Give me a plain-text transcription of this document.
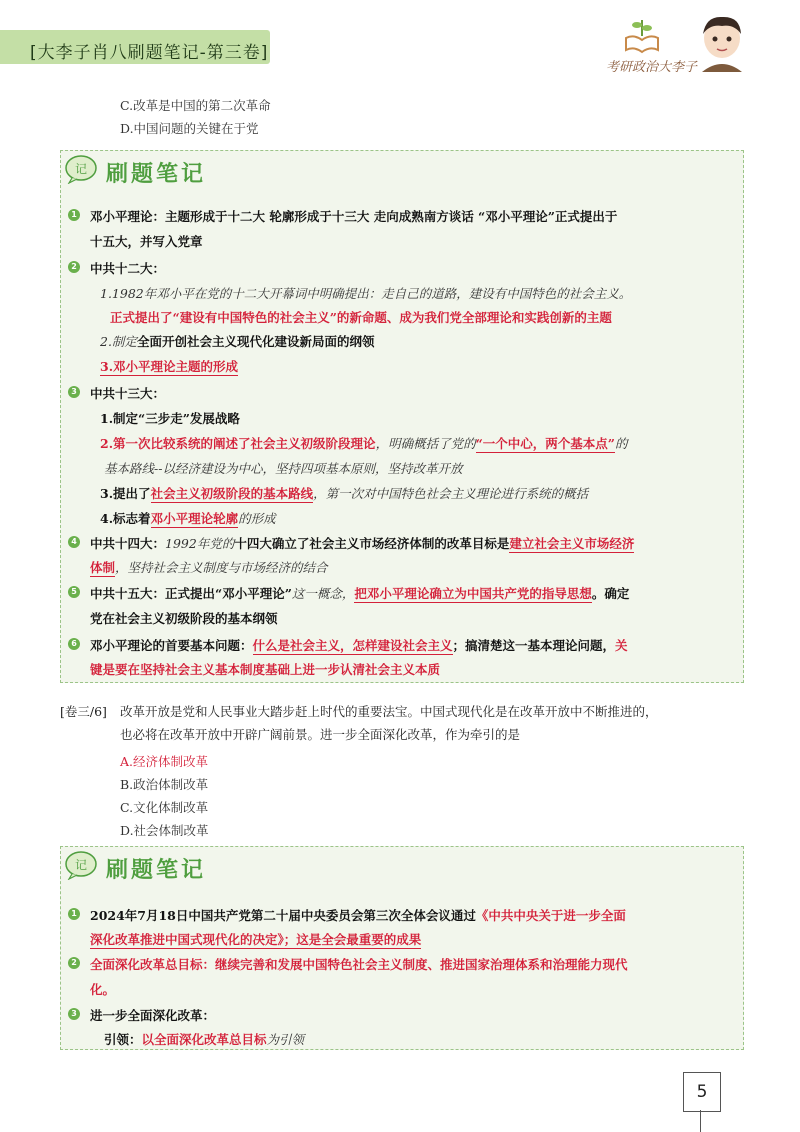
[大李子肖八刷题笔记-第三卷]
考研政治大李子
C.改革是中国的第二次革命
D.中国问题的关键在于党
记 刷题笔记
1 邓小平理论：主题形成于十二大 轮廓形成于十三大 走向成熟南方谈话 “邓小平理论”正式提出于
十五大，并写入党章
2 中共十二大：
1.1982年邓小平在党的十二大开幕词中明确提出：走自己的道路，建设有中国特色的社会主义。
正式提出了“建设有中国特色的社会主义”的新命题、成为我们党全部理论和实践创新的主题
2.制定全面开创社会主义现代化建设新局面的纲领
3.邓小平理论主题的形成
3 中共十三大：
1.制定“三步走”发展战略
2.第一次比较系统的阐述了社会主义初级阶段理论，明确概括了党的“一个中心，两个基本点”的
基本路线--以经济建设为中心，坚持四项基本原则，坚持改革开放
3.提出了社会主义初级阶段的基本路线，第一次对中国特色社会主义理论进行系统的概括
4.标志着邓小平理论轮廓的形成
4 中共十四大：1992年党的十四大确立了社会主义市场经济体制的改革目标是建立社会主义市场经济
体制，坚持社会主义制度与市场经济的结合
5 中共十五大：正式提出“邓小平理论”这一概念，把邓小平理论确立为中国共产党的指导思想。确定
党在社会主义初级阶段的基本纲领
6 邓小平理论的首要基本问题：什么是社会主义，怎样建设社会主义；搞清楚这一基本理论问题，关
键是要在坚持社会主义基本制度基础上进一步认清社会主义本质
[卷三/6] 改革开放是党和人民事业大踏步赶上时代的重要法宝。中国式现代化是在改革开放中不断推进的，
也必将在改革开放中开辟广阔前景。进一步全面深化改革，作为牵引的是
A.经济体制改革
B.政治体制改革
C.文化体制改革
D.社会体制改革
记 刷题笔记
1 2024年7月18日中国共产党第二十届中央委员会第三次全体会议通过《中共中央关于进一步全面
深化改革推进中国式现代化的决定》；这是全会最重要的成果
2 全面深化改革总目标：继续完善和发展中国特色社会主义制度、推进国家治理体系和治理能力现代
化。
3 进一步全面深化改革：
引领：以全面深化改革总目标为引领
5
